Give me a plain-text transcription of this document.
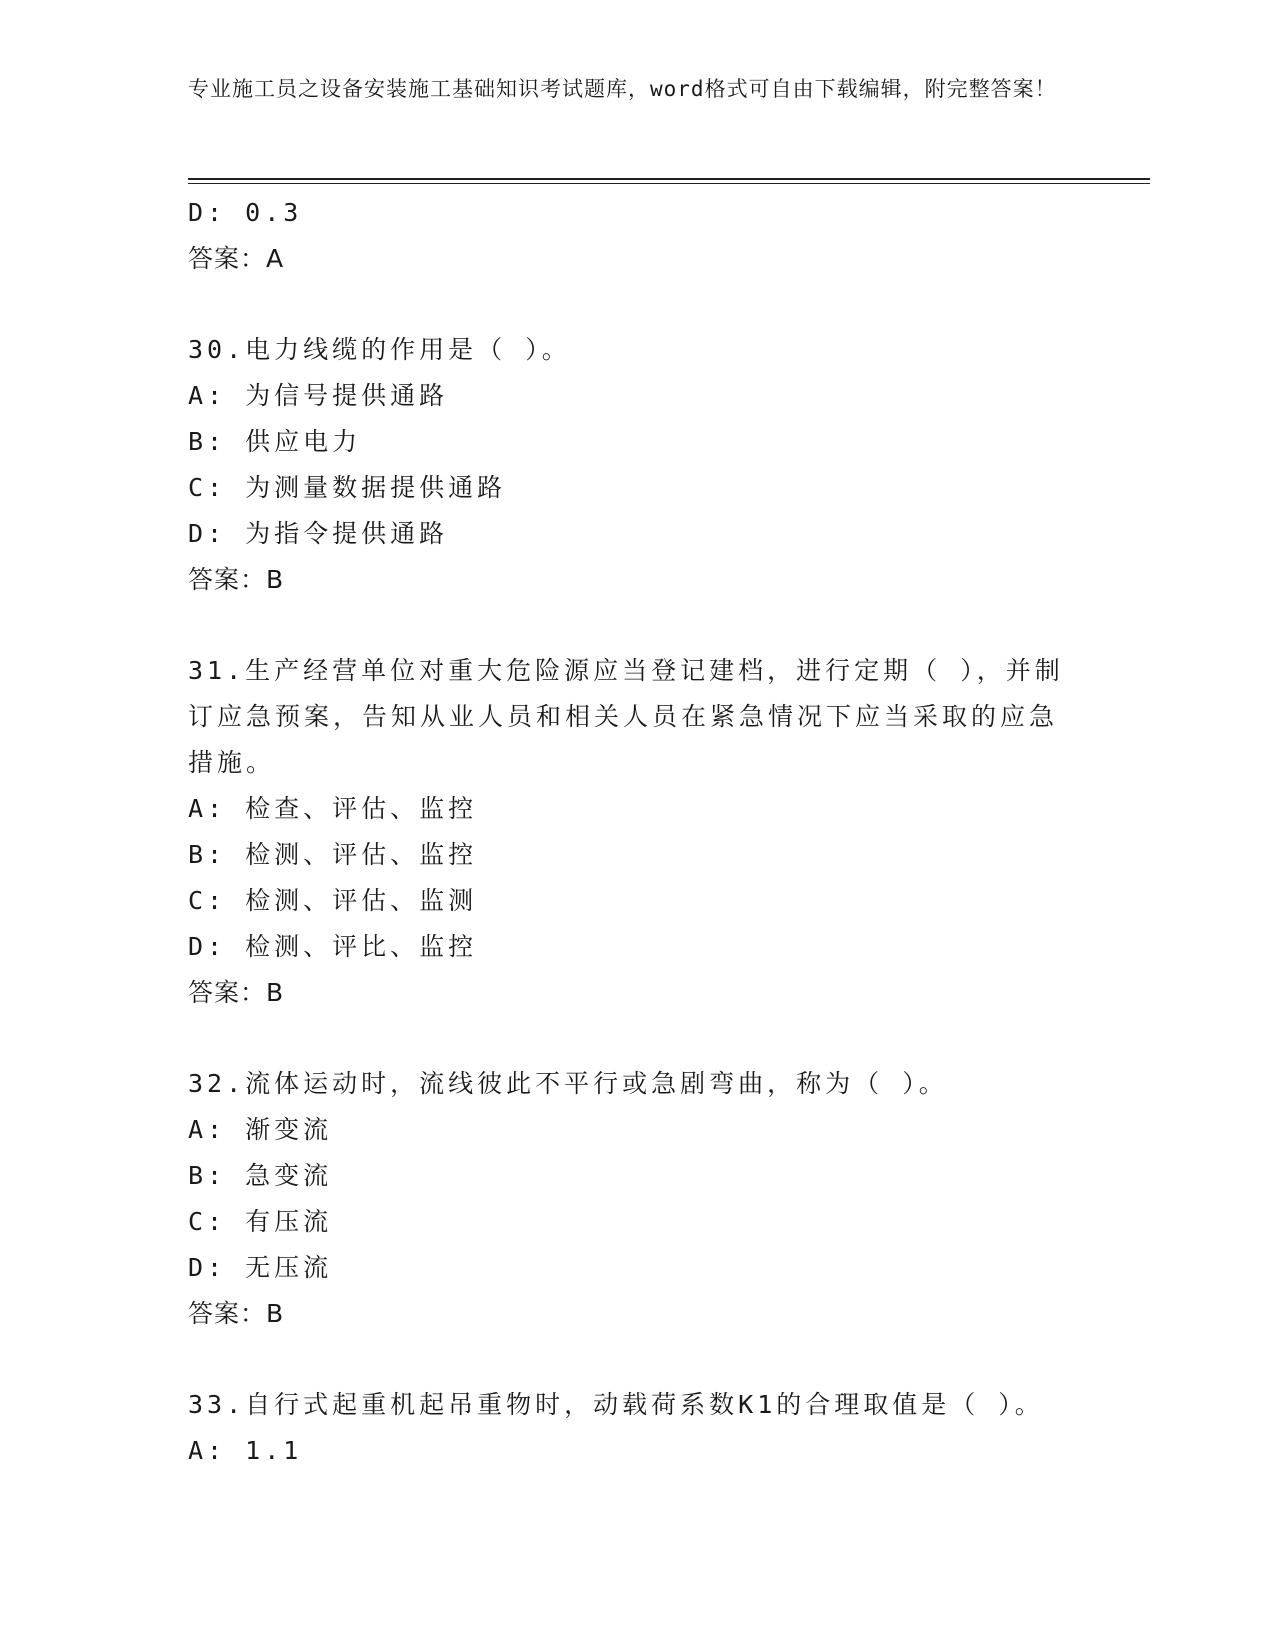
专业施工员之设备安装施工基础知识考试题库，word格式可自由下载编辑，附完整答案！
D: 0.3
答案：A
30.电力线缆的作用是（ ）。
A: 为信号提供通路
B: 供应电力
C: 为测量数据提供通路
D: 为指令提供通路
答案：B
31.生产经营单位对重大危险源应当登记建档，进行定期（ ），并制订应急预案，告知从业人员和相关人员在紧急情况下应当采取的应急措施。
A: 检查、评估、监控
B: 检测、评估、监控
C: 检测、评估、监测
D: 检测、评比、监控
答案：B
32.流体运动时，流线彼此不平行或急剧弯曲，称为（ ）。
A: 渐变流
B: 急变流
C: 有压流
D: 无压流
答案：B
33.自行式起重机起吊重物时，动载荷系数K1的合理取值是（ ）。
A: 1.1
